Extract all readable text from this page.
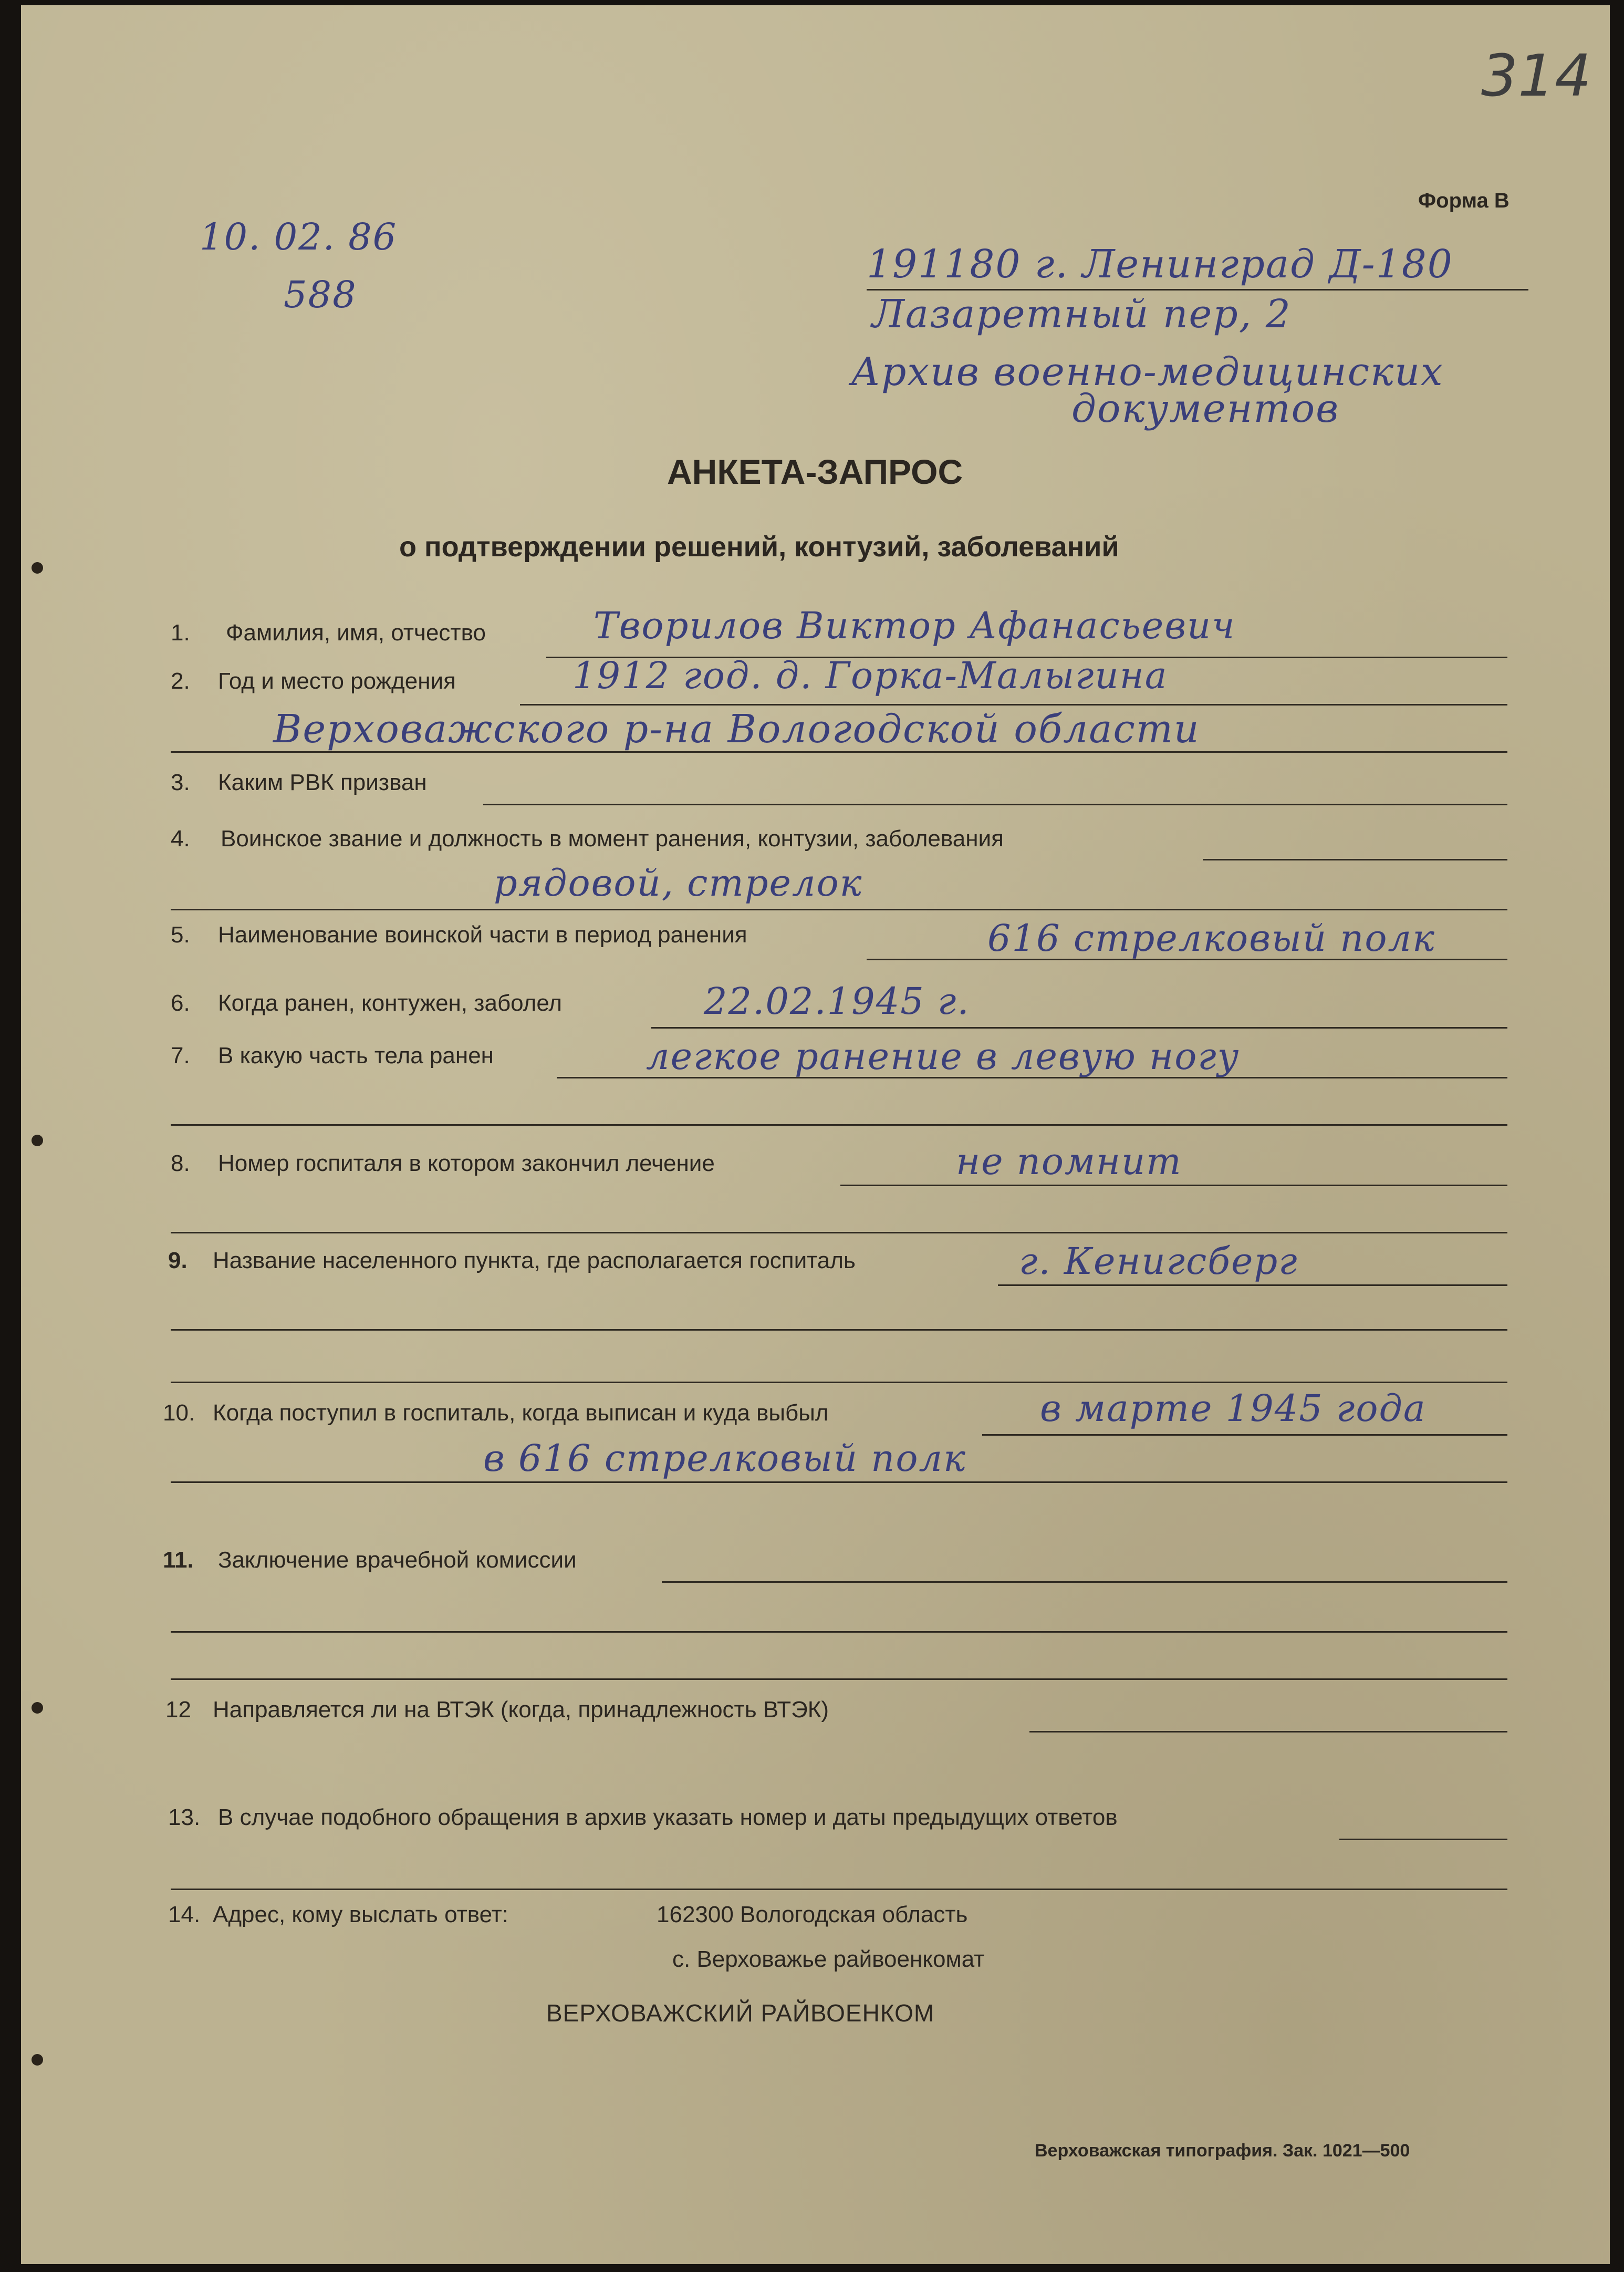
314
Форма В
10. 02. 86
588
191180 г. Ленинград Д-180
Лазаретный пер, 2
Архив военно-медицинских
документов
АНКЕТА-ЗАПРОС
о подтверждении решений, контузий, заболеваний
1. Фамилия, имя, отчество	Творилов Виктор Афанасьевич
2. Год и место рождения	1912 год. д. Горка-Малыгина
Верховажского р-на Вологодской области
3. Каким РВК призван
4. Воинское звание и должность в момент ранения, контузии, заболевания
рядовой, стрелок
5. Наименование воинской части в период ранения	616 стрелковый полк
6. Когда ранен, контужен, заболел	22.02.1945 г.
7. В какую часть тела ранен	легкое ранение в левую ногу
8. Номер госпиталя в котором закончил лечение	не помнит
9. Название населенного пункта, где располагается госпиталь	г. Кенигсберг
10. Когда поступил в госпиталь, когда выписан и куда выбыл	в марте 1945 года
в 616 стрелковый полк
11. Заключение врачебной комиссии
12 Направляется ли на ВТЭК (когда, принадлежность ВТЭК)
13. В случае подобного обращения в архив указать номер и даты предыдущих ответов
14. Адрес, кому выслать ответ:	162300 Вологодская область
с. Верховажье райвоенкомат
ВЕРХОВАЖСКИЙ РАЙВОЕНКОМ
Верховажская типография. Зак. 1021—500
